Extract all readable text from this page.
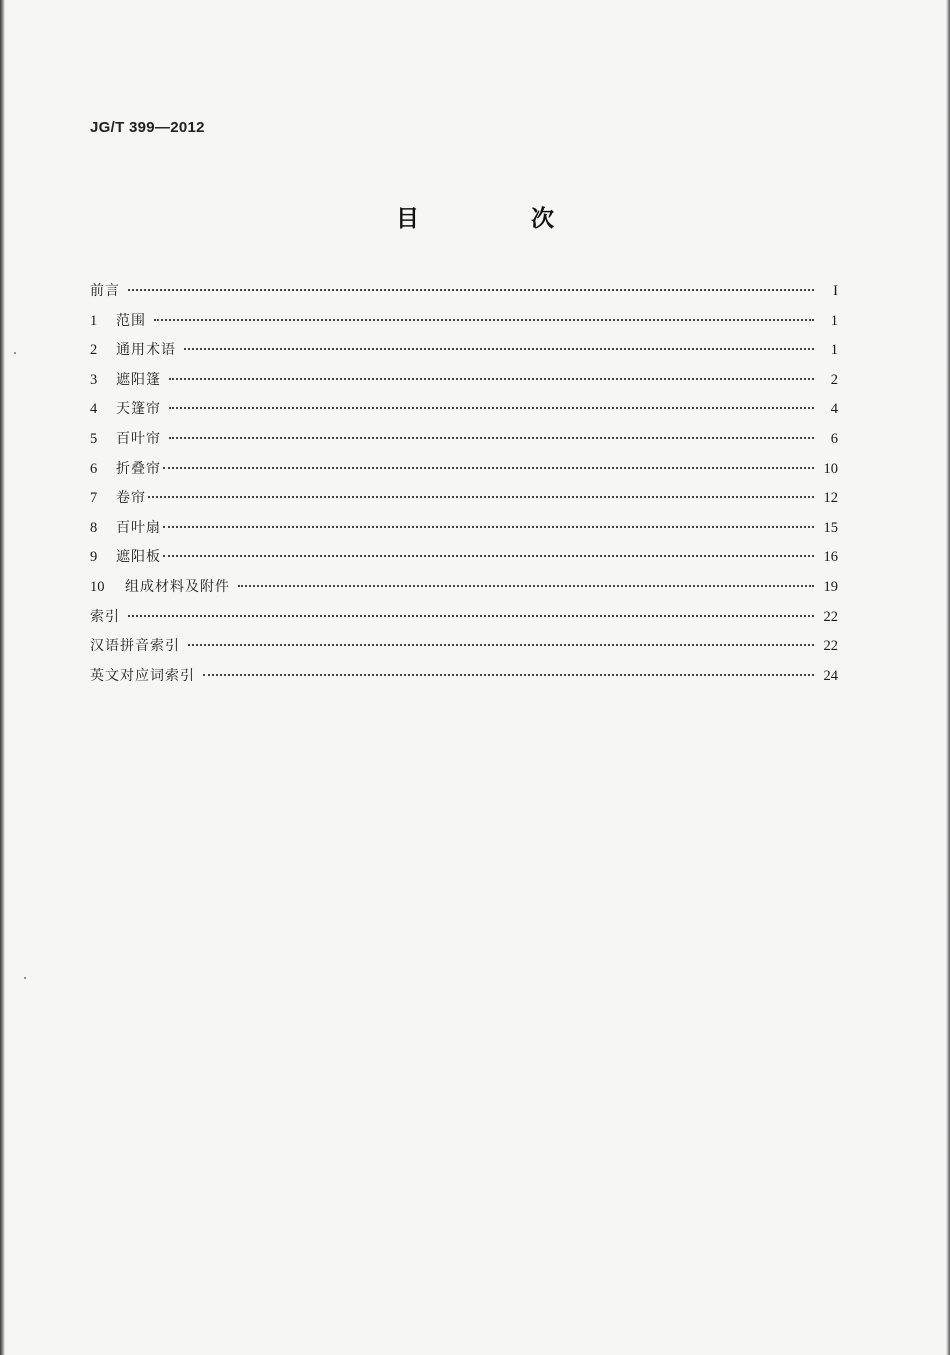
JG/T 399—2012
目 次
前言	I
1	范围	1
2	通用术语	1
3	遮阳篷	2
4	天篷帘	4
5	百叶帘	6
6	折叠帘	10
7	卷帘	12
8	百叶扇	15
9	遮阳板	16
10	组成材料及附件	19
索引	22
汉语拼音索引	22
英文对应词索引	24
